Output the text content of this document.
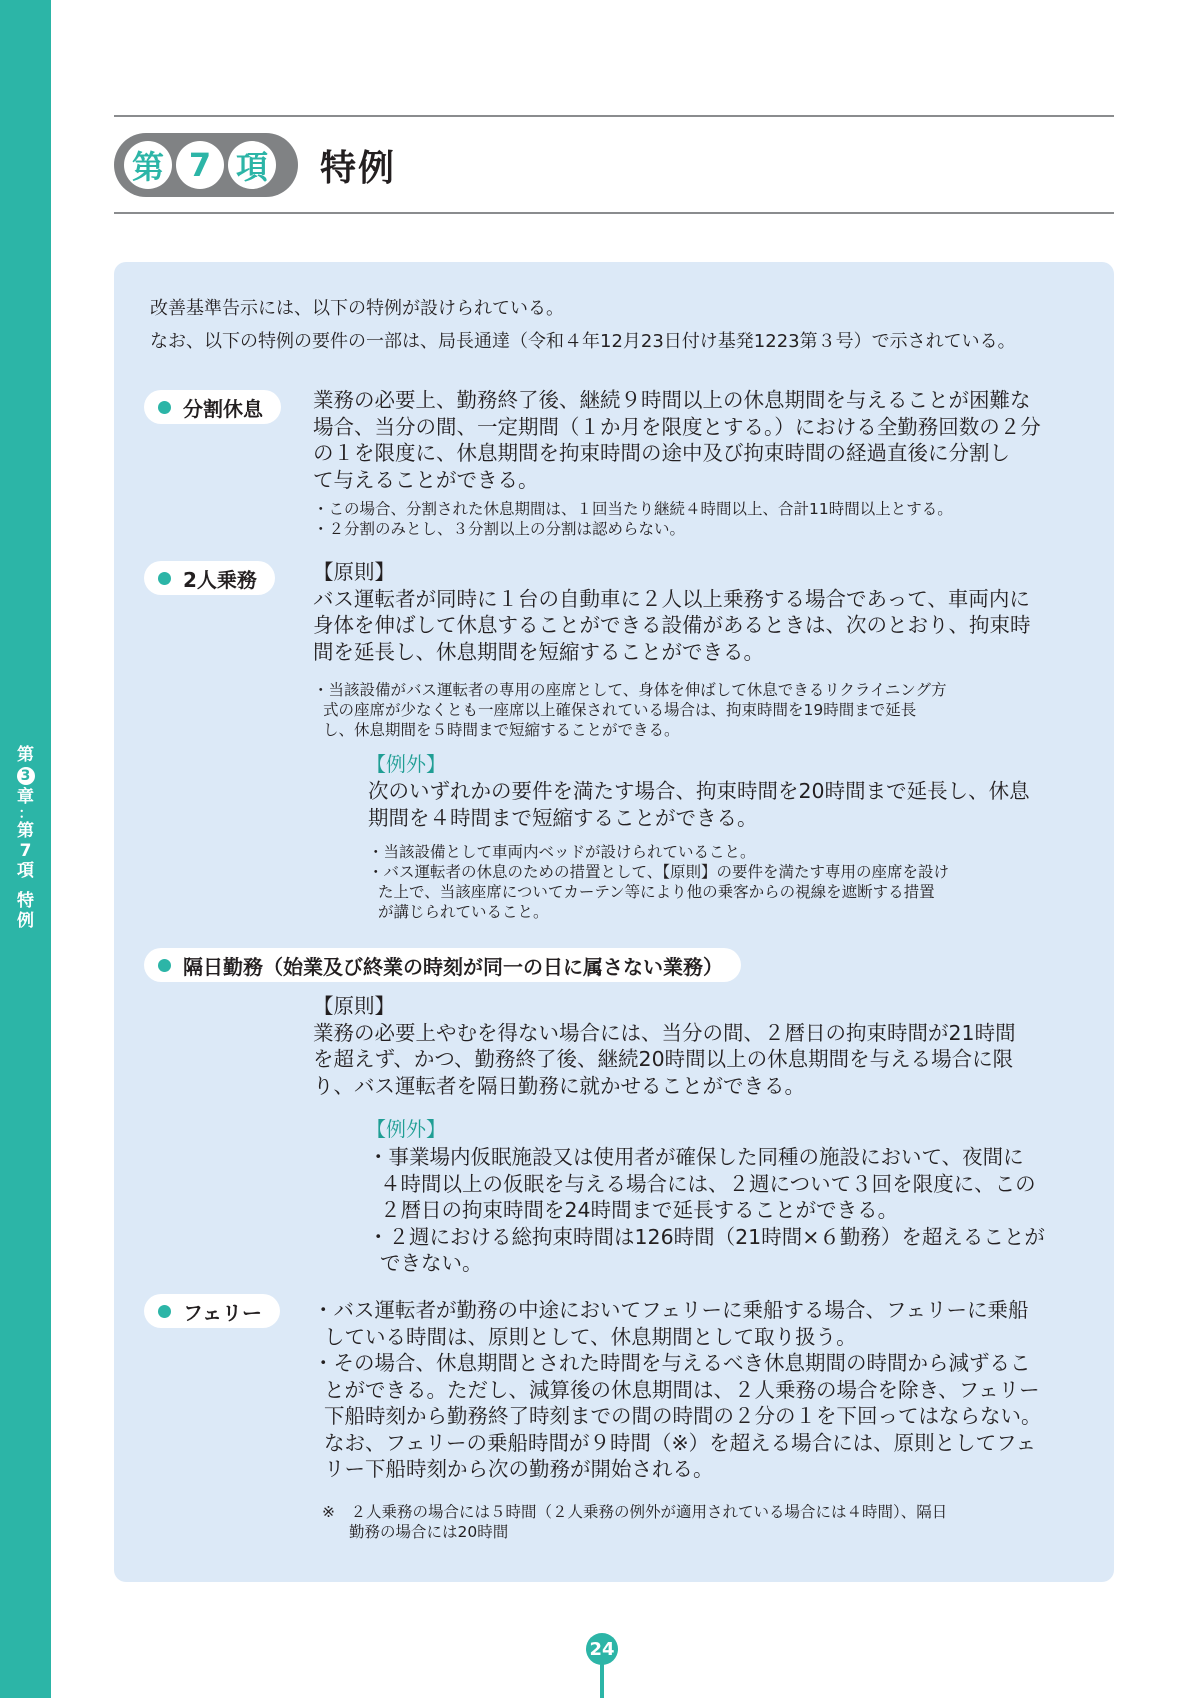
第
3
章
：
第
7
項
特
例
第 7 項 特例
改善基準告示には、以下の特例が設けられている。
なお、以下の特例の要件の一部は、局長通達（令和４年12月23日付け基発1223第３号）で示されている。
分割休息 業務の必要上、勤務終了後、継続９時間以上の休息期間を与えることが困難な
場合、当分の間、一定期間（１か月を限度とする。）における全勤務回数の２分
の１を限度に、休息期間を拘束時間の途中及び拘束時間の経過直後に分割し
て与えることができる。
・この場合、分割された休息期間は、１回当たり継続４時間以上、合計11時間以上とする。
・２分割のみとし、３分割以上の分割は認めらない。
2人乗務	【原則】
バス運転者が同時に１台の自動車に２人以上乗務する場合であって、車両内に
身体を伸ばして休息することができる設備があるときは、次のとおり、拘束時
間を延長し、休息期間を短縮することができる。
・当該設備がバス運転者の専用の座席として、身体を伸ばして休息できるリクライニング方
式の座席が少なくとも一座席以上確保されている場合は、拘束時間を19時間まで延長
し、休息期間を５時間まで短縮することができる。
【例外】
次のいずれかの要件を満たす場合、拘束時間を20時間まで延長し、休息
期間を４時間まで短縮することができる。
・当該設備として車両内ベッドが設けられていること。
・バス運転者の休息のための措置として、【原則】の要件を満たす専用の座席を設け
た上で、当該座席についてカーテン等により他の乗客からの視線を遮断する措置
が講じられていること。
隔日勤務（始業及び終業の時刻が同一の日に属さない業務）
【原則】
業務の必要上やむを得ない場合には、当分の間、２暦日の拘束時間が21時間
を超えず、かつ、勤務終了後、継続20時間以上の休息期間を与える場合に限
り、バス運転者を隔日勤務に就かせることができる。
【例外】
・事業場内仮眠施設又は使用者が確保した同種の施設において、夜間に
４時間以上の仮眠を与える場合には、２週について３回を限度に、この
２暦日の拘束時間を24時間まで延長することができる。
・２週における総拘束時間は126時間（21時間×６勤務）を超えることが
できない。
フェリー ・バス運転者が勤務の中途においてフェリーに乗船する場合、フェリーに乗船
している時間は、原則として、休息期間として取り扱う。
・その場合、休息期間とされた時間を与えるべき休息期間の時間から減ずるこ
とができる。ただし、減算後の休息期間は、２人乗務の場合を除き、フェリー
下船時刻から勤務終了時刻までの間の時間の２分の１を下回ってはならない。
なお、フェリーの乗船時間が９時間（※）を超える場合には、原則としてフェ
リー下船時刻から次の勤務が開始される。
※　２人乗務の場合には５時間（２人乗務の例外が適用されている場合には４時間）、隔日
勤務の場合には20時間
24
